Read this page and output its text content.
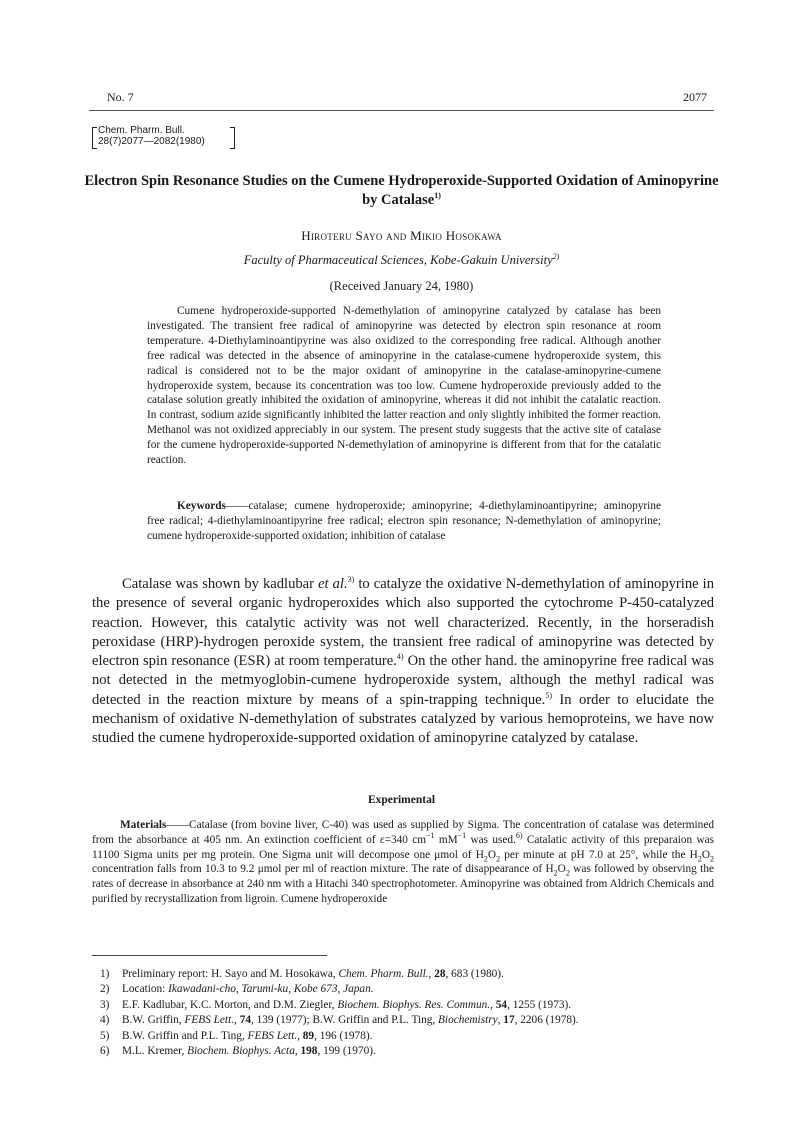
No. 7	2077
Chem. Pharm. Bull.
28(7)2077—2082(1980)
Electron Spin Resonance Studies on the Cumene Hydroperoxide-Supported Oxidation of Aminopyrine by Catalase$^{1)}$
Hiroteru Sayo and Mikio Hosokawa
Faculty of Pharmaceutical Sciences, Kobe-Gakuin University$^{2)}$
(Received January 24, 1980)

Cumene hydroperoxide-supported N-demethylation of aminopyrine catalyzed by catalase has been investigated. The transient free radical of aminopyrine was detected by electron spin resonance at room temperature. 4-Diethylaminoantipyrine was also oxidized to the corresponding free radical. Although another free radical was detected in the absence of aminopyrine in the catalase-cumene hydroperoxide system, this radical is considered not to be the major oxidant of aminopyrine in the catalase-aminopyrine-cumene hydroperoxide system, because its concentration was too low. Cumene hydroperoxide previously added to the catalase solution greatly inhibited the oxidation of aminopyrine, whereas it did not inhibit the catalatic reaction. In contrast, sodium azide significantly inhibited the latter reaction and only slightly inhibited the former reaction. Methanol was not oxidized appreciably in our system. The present study suggests that the active site of catalase for the cumene hydroperoxide-supported N-demethylation of aminopyrine is different from that for the catalatic reaction.

Keywords——catalase; cumene hydroperoxide; aminopyrine; 4-diethylaminoantipyrine; aminopyrine free radical; 4-diethylaminoantipyrine free radical; electron spin resonance; N-demethylation of aminopyrine; cumene hydroperoxide-supported oxidation; inhibition of catalase

Catalase was shown by kadlubar et al.$^{3)}$ to catalyze the oxidative N-demethylation of aminopyrine in the presence of several organic hydroperoxides which also supported the cytochrome P-450-catalyzed reaction. However, this catalytic activity was not well characterized. Recently, in the horseradish peroxidase (HRP)-hydrogen peroxide system, the transient free radical of aminopyrine was detected by electron spin resonance (ESR) at room temperature.$^{4)}$ On the other hand. the aminopyrine free radical was not detected in the metmyoglobin-cumene hydroperoxide system, although the methyl radical was detected in the reaction mixture by means of a spin-trapping technique.$^{5)}$ In order to elucidate the mechanism of oxidative N-demethylation of substrates catalyzed by various hemoproteins, we have now studied the cumene hydroperoxide-supported oxidation of aminopyrine catalyzed by catalase.

Experimental

Materials——Catalase (from bovine liver, C-40) was used as supplied by Sigma. The concentration of catalase was determined from the absorbance at 405 nm. An extinction coefficient of ε=340 $cm^{-1}$ $mM^{-1}$ was used.$^{6)}$ Catalatic activity of this preparaion was 11100 Sigma units per mg protein. One Sigma unit will decompose one μmol of $H_2O_2$ per minute at pH 7.0 at 25°, while the $H_2O_2$ concentration falls from 10.3 to 9.2 μmol per ml of reaction mixture. The rate of disappearance of $H_2O_2$ was followed by observing the rates of decrease in absorbance at 240 nm with a Hitachi 340 spectrophotometer. Aminopyrine was obtained from Aldrich Chemicals and purified by recrystallization from ligroin. Cumene hydroperoxide

1) Preliminary report: H. Sayo and M. Hosokawa, Chem. Pharm. Bull., 28, 683 (1980).
2) Location: Ikawadani-cho, Tarumi-ku, Kobe 673, Japan.
3) E.F. Kadlubar, K.C. Morton, and D.M. Ziegler, Biochem. Biophys. Res. Commun., 54, 1255 (1973).
4) B.W. Griffin, FEBS Lett., 74, 139 (1977); B.W. Griffin and P.L. Ting, Biochemistry, 17, 2206 (1978).
5) B.W. Griffin and P.L. Ting, FEBS Lett., 89, 196 (1978).
6) M.L. Kremer, Biochem. Biophys. Acta, 198, 199 (1970).
